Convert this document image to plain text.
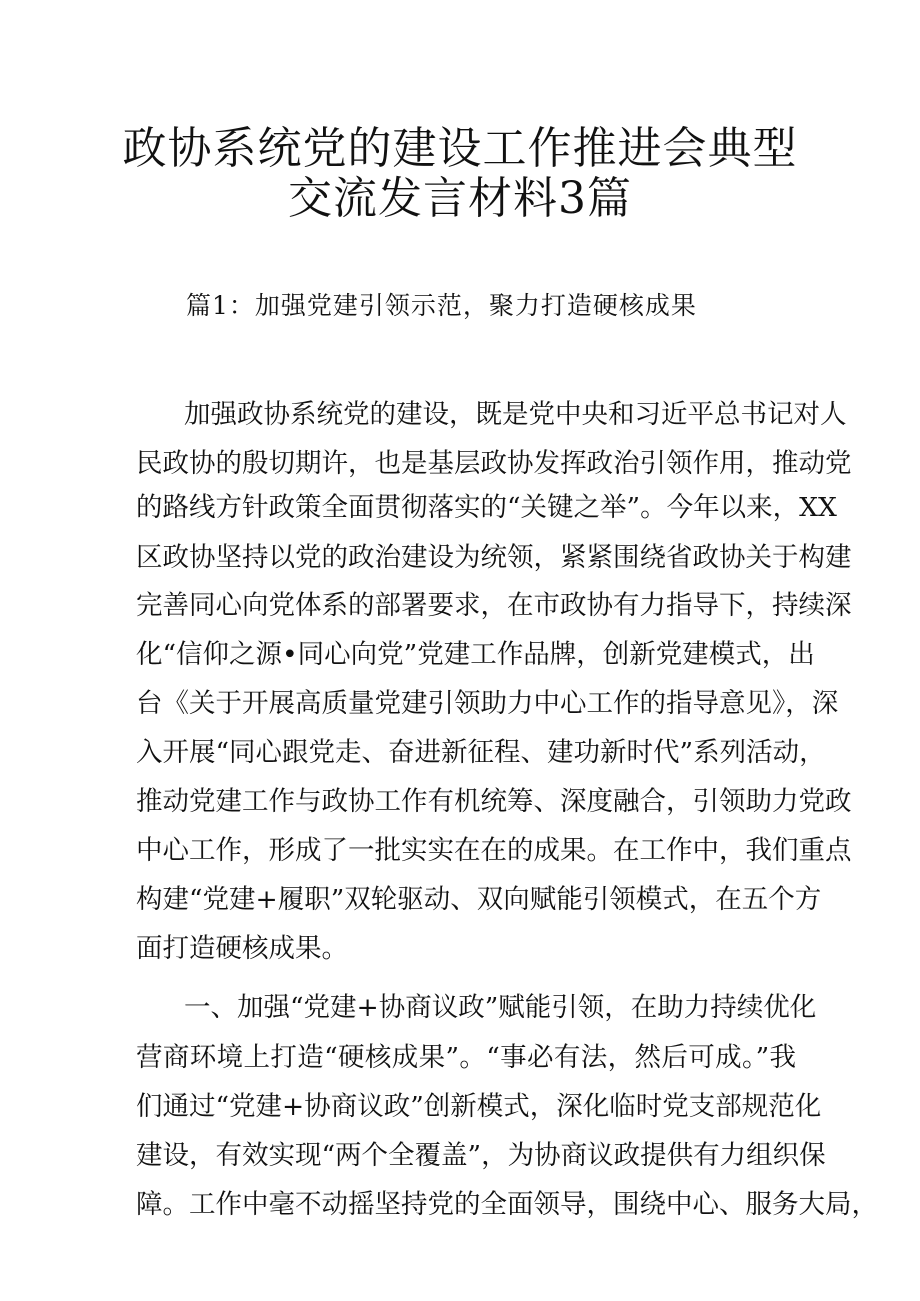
政协系统党的建设工作推进会典型
交流发言材料3篇
篇1：加强党建引领示范，聚力打造硬核成果
加强政协系统党的建设，既是党中央和习近平总书记对人
民政协的殷切期许，也是基层政协发挥政治引领作用，推动党
的路线方针政策全面贯彻落实的“关键之举”。今年以来，XX
区政协坚持以党的政治建设为统领，紧紧围绕省政协关于构建
完善同心向党体系的部署要求，在市政协有力指导下，持续深
化“信仰之源•同心向党”党建工作品牌，创新党建模式，出
台《关于开展高质量党建引领助力中心工作的指导意见》，深
入开展“同心跟党走、奋进新征程、建功新时代”系列活动，
推动党建工作与政协工作有机统筹、深度融合，引领助力党政
中心工作，形成了一批实实在在的成果。在工作中，我们重点
构建“党建+履职”双轮驱动、双向赋能引领模式，在五个方
面打造硬核成果。
一、加强“党建+协商议政”赋能引领，在助力持续优化
营商环境上打造“硬核成果”。“事必有法，然后可成。”我
们通过“党建+协商议政”创新模式，深化临时党支部规范化
建设，有效实现“两个全覆盖”，为协商议政提供有力组织保
障。工作中毫不动摇坚持党的全面领导，围绕中心、服务大局，
